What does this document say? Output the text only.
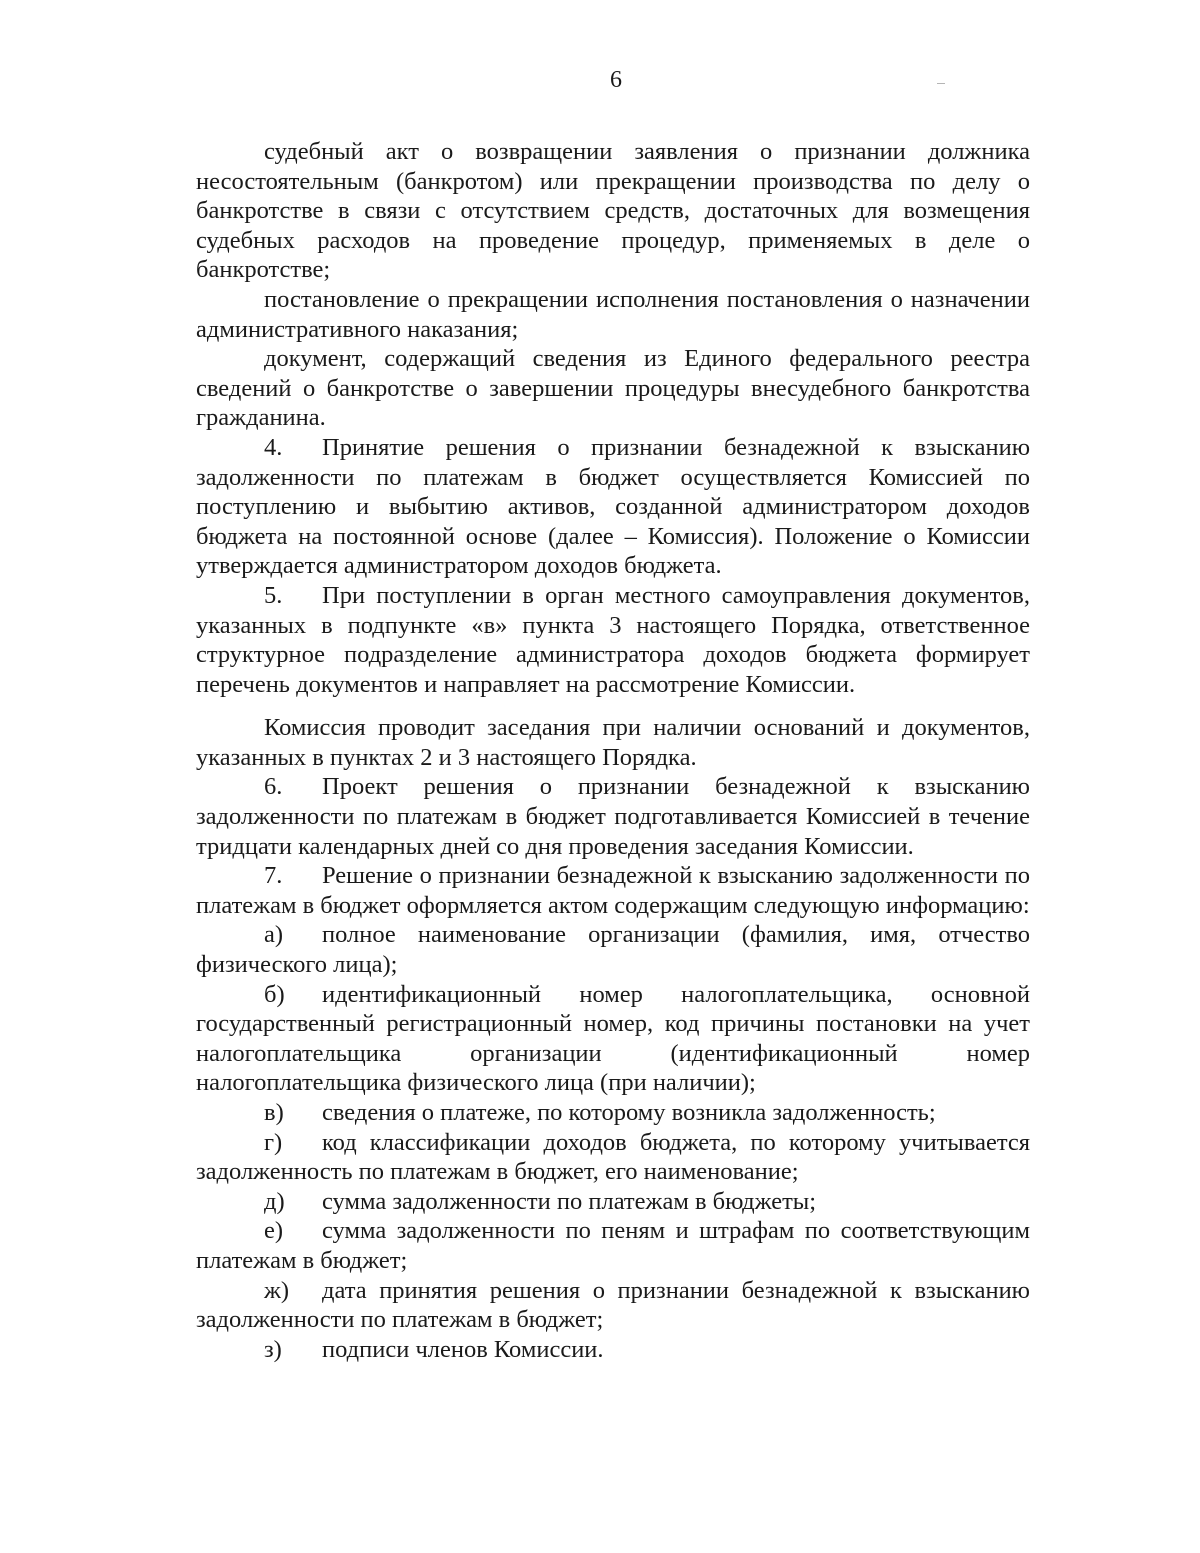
6

судебный акт о возвращении заявления о признании должника несостоятельным (банкротом) или прекращении производства по делу о банкротстве в связи с отсутствием средств, достаточных для возмещения судебных расходов на проведение процедур, применяемых в деле о банкротстве;

постановление о прекращении исполнения постановления о назначении административного наказания;

документ, содержащий сведения из Единого федерального реестра сведений о банкротстве о завершении процедуры внесудебного банкротства гражданина.

4. Принятие решения о признании безнадежной к взысканию задолженности по платежам в бюджет осуществляется Комиссией по поступлению и выбытию активов, созданной администратором доходов бюджета на постоянной основе (далее – Комиссия). Положение о Комиссии утверждается администратором доходов бюджета.

5. При поступлении в орган местного самоуправления документов, указанных в подпункте «в» пункта 3 настоящего Порядка, ответственное структурное подразделение администратора доходов бюджета формирует перечень документов и направляет на рассмотрение Комиссии.

Комиссия проводит заседания при наличии оснований и документов, указанных в пунктах 2 и 3 настоящего Порядка.

6. Проект решения о признании безнадежной к взысканию задолженности по платежам в бюджет подготавливается Комиссией в течение тридцати календарных дней со дня проведения заседания Комиссии.

7. Решение о признании безнадежной к взысканию задолженности по платежам в бюджет оформляется актом содержащим следующую информацию:

а) полное наименование организации (фамилия, имя, отчество физического лица);

б) идентификационный номер налогоплательщика, основной государственный регистрационный номер, код причины постановки на учет налогоплательщика организации (идентификационный номер налогоплательщика физического лица (при наличии);

в) сведения о платеже, по которому возникла задолженность;

г) код классификации доходов бюджета, по которому учитывается задолженность по платежам в бюджет, его наименование;

д) сумма задолженности по платежам в бюджеты;

е) сумма задолженности по пеням и штрафам по соответствующим платежам в бюджет;

ж) дата принятия решения о признании безнадежной к взысканию задолженности по платежам в бюджет;

з) подписи членов Комиссии.
